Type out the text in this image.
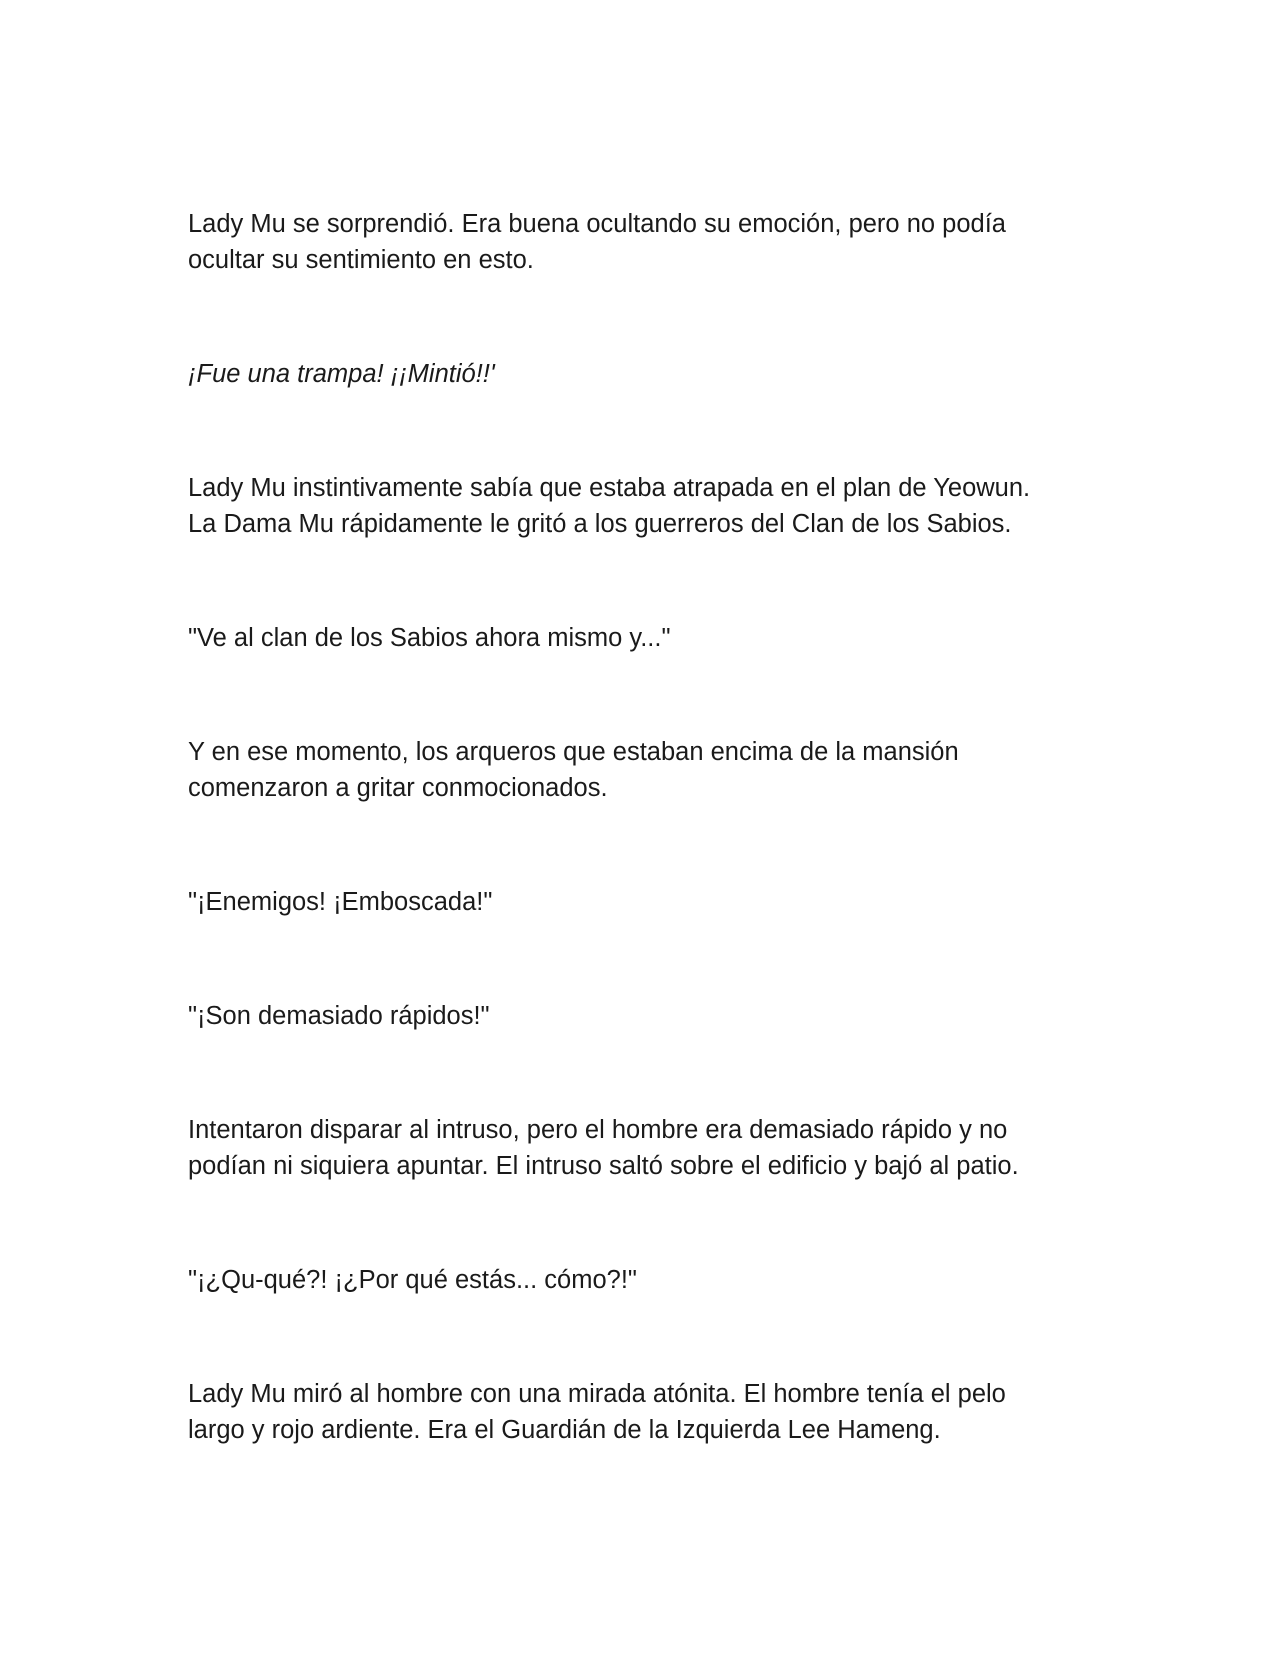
Lady Mu se sorprendió. Era buena ocultando su emoción, pero no podía
ocultar su sentimiento en esto.

¡Fue una trampa! ¡¡Mintió!!'

Lady Mu instintivamente sabía que estaba atrapada en el plan de Yeowun.
La Dama Mu rápidamente le gritó a los guerreros del Clan de los Sabios.

"Ve al clan de los Sabios ahora mismo y..."

Y en ese momento, los arqueros que estaban encima de la mansión
comenzaron a gritar conmocionados.

"¡Enemigos! ¡Emboscada!"

"¡Son demasiado rápidos!"

Intentaron disparar al intruso, pero el hombre era demasiado rápido y no
podían ni siquiera apuntar. El intruso saltó sobre el edificio y bajó al patio.

"¡¿Qu-qué?! ¡¿Por qué estás... cómo?!"

Lady Mu miró al hombre con una mirada atónita. El hombre tenía el pelo
largo y rojo ardiente. Era el Guardián de la Izquierda Lee Hameng.
